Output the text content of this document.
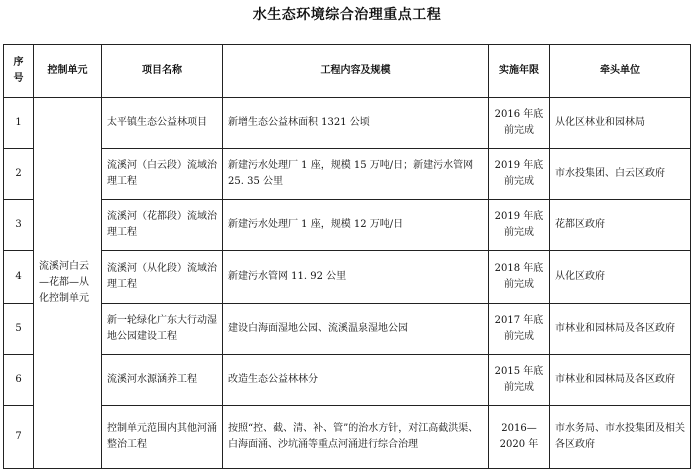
水生态环境综合治理重点工程
序号	控制单元	项目名称	工程内容及规模	实施年限	牵头单位
1	流溪河白云—花都—从化控制单元	太平镇生态公益林项目	新增生态公益林面积 1321 公顷	2016 年底前完成	从化区林业和园林局
2		流溪河（白云段）流域治理工程	新建污水处理厂 1 座，规模 15 万吨/日；新建污水管网 25. 35 公里	2019 年底前完成	市水投集团、白云区政府
3		流溪河（花都段）流域治理工程	新建污水处理厂 1 座，规模 12 万吨/日	2019 年底前完成	花都区政府
4		流溪河（从化段）流域治理工程	新建污水管网 11. 92 公里	2018 年底前完成	从化区政府
5		新一轮绿化广东大行动湿地公园建设工程	建设白海面湿地公园、流溪温泉湿地公园	2017 年底前完成	市林业和园林局及各区政府
6		流溪河水源涵养工程	改造生态公益林林分	2015 年底前完成	市林业和园林局及各区政府
7		控制单元范围内其他河涌整治工程	按照“控、截、清、补、管”的治水方针，对江高截洪渠、白海面涌、沙坑涌等重点河涌进行综合治理	2016—2020 年	市水务局、市水投集团及相关各区政府
